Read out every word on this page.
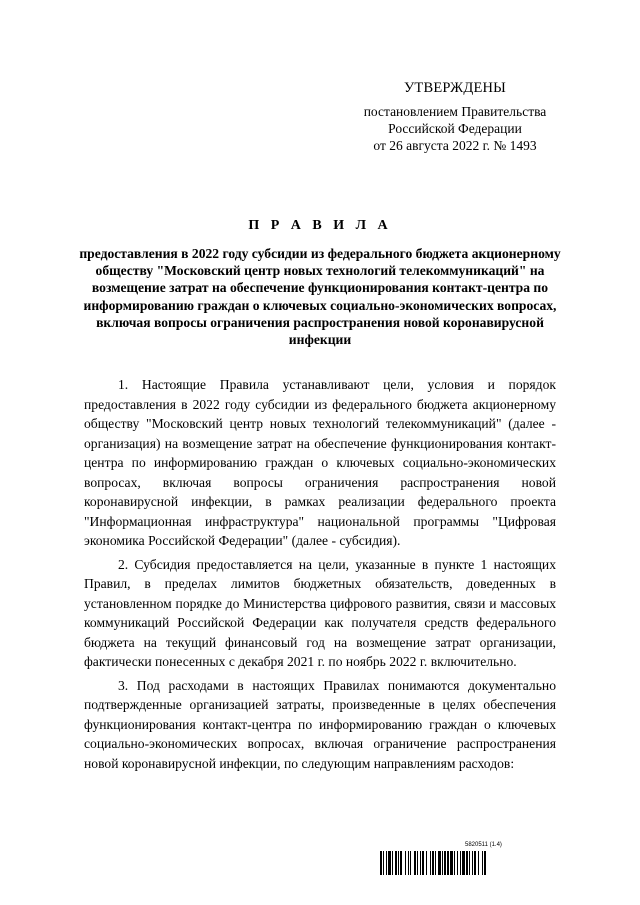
УТВЕРЖДЕНЫ
постановлением Правительства
Российской Федерации
от 26 августа 2022 г. № 1493
П Р А В И Л А
предоставления в 2022 году субсидии из федерального бюджета акционерному обществу "Московский центр новых технологий телекоммуникаций" на возмещение затрат на обеспечение функционирования контакт-центра по информированию граждан о ключевых социально-экономических вопросах, включая вопросы ограничения распространения новой коронавирусной инфекции

1. Настоящие Правила устанавливают цели, условия и порядок предоставления в 2022 году субсидии из федерального бюджета акционерному обществу "Московский центр новых технологий телекоммуникаций" (далее - организация) на возмещение затрат на обеспечение функционирования контакт-центра по информированию граждан о ключевых социально-экономических вопросах, включая вопросы ограничения распространения новой коронавирусной инфекции, в рамках реализации федерального проекта "Информационная инфраструктура" национальной программы "Цифровая экономика Российской Федерации" (далее - субсидия).

2. Субсидия предоставляется на цели, указанные в пункте 1 настоящих Правил, в пределах лимитов бюджетных обязательств, доведенных в установленном порядке до Министерства цифрового развития, связи и массовых коммуникаций Российской Федерации как получателя средств федерального бюджета на текущий финансовый год на возмещение затрат организации, фактически понесенных с декабря 2021 г. по ноябрь 2022 г. включительно.

3. Под расходами в настоящих Правилах понимаются документально подтвержденные организацией затраты, произведенные в целях обеспечения функционирования контакт-центра по информированию граждан о ключевых социально-экономических вопросах, включая ограничение распространения новой коронавирусной инфекции, по следующим направлениям расходов:

5820511 (1.4)
